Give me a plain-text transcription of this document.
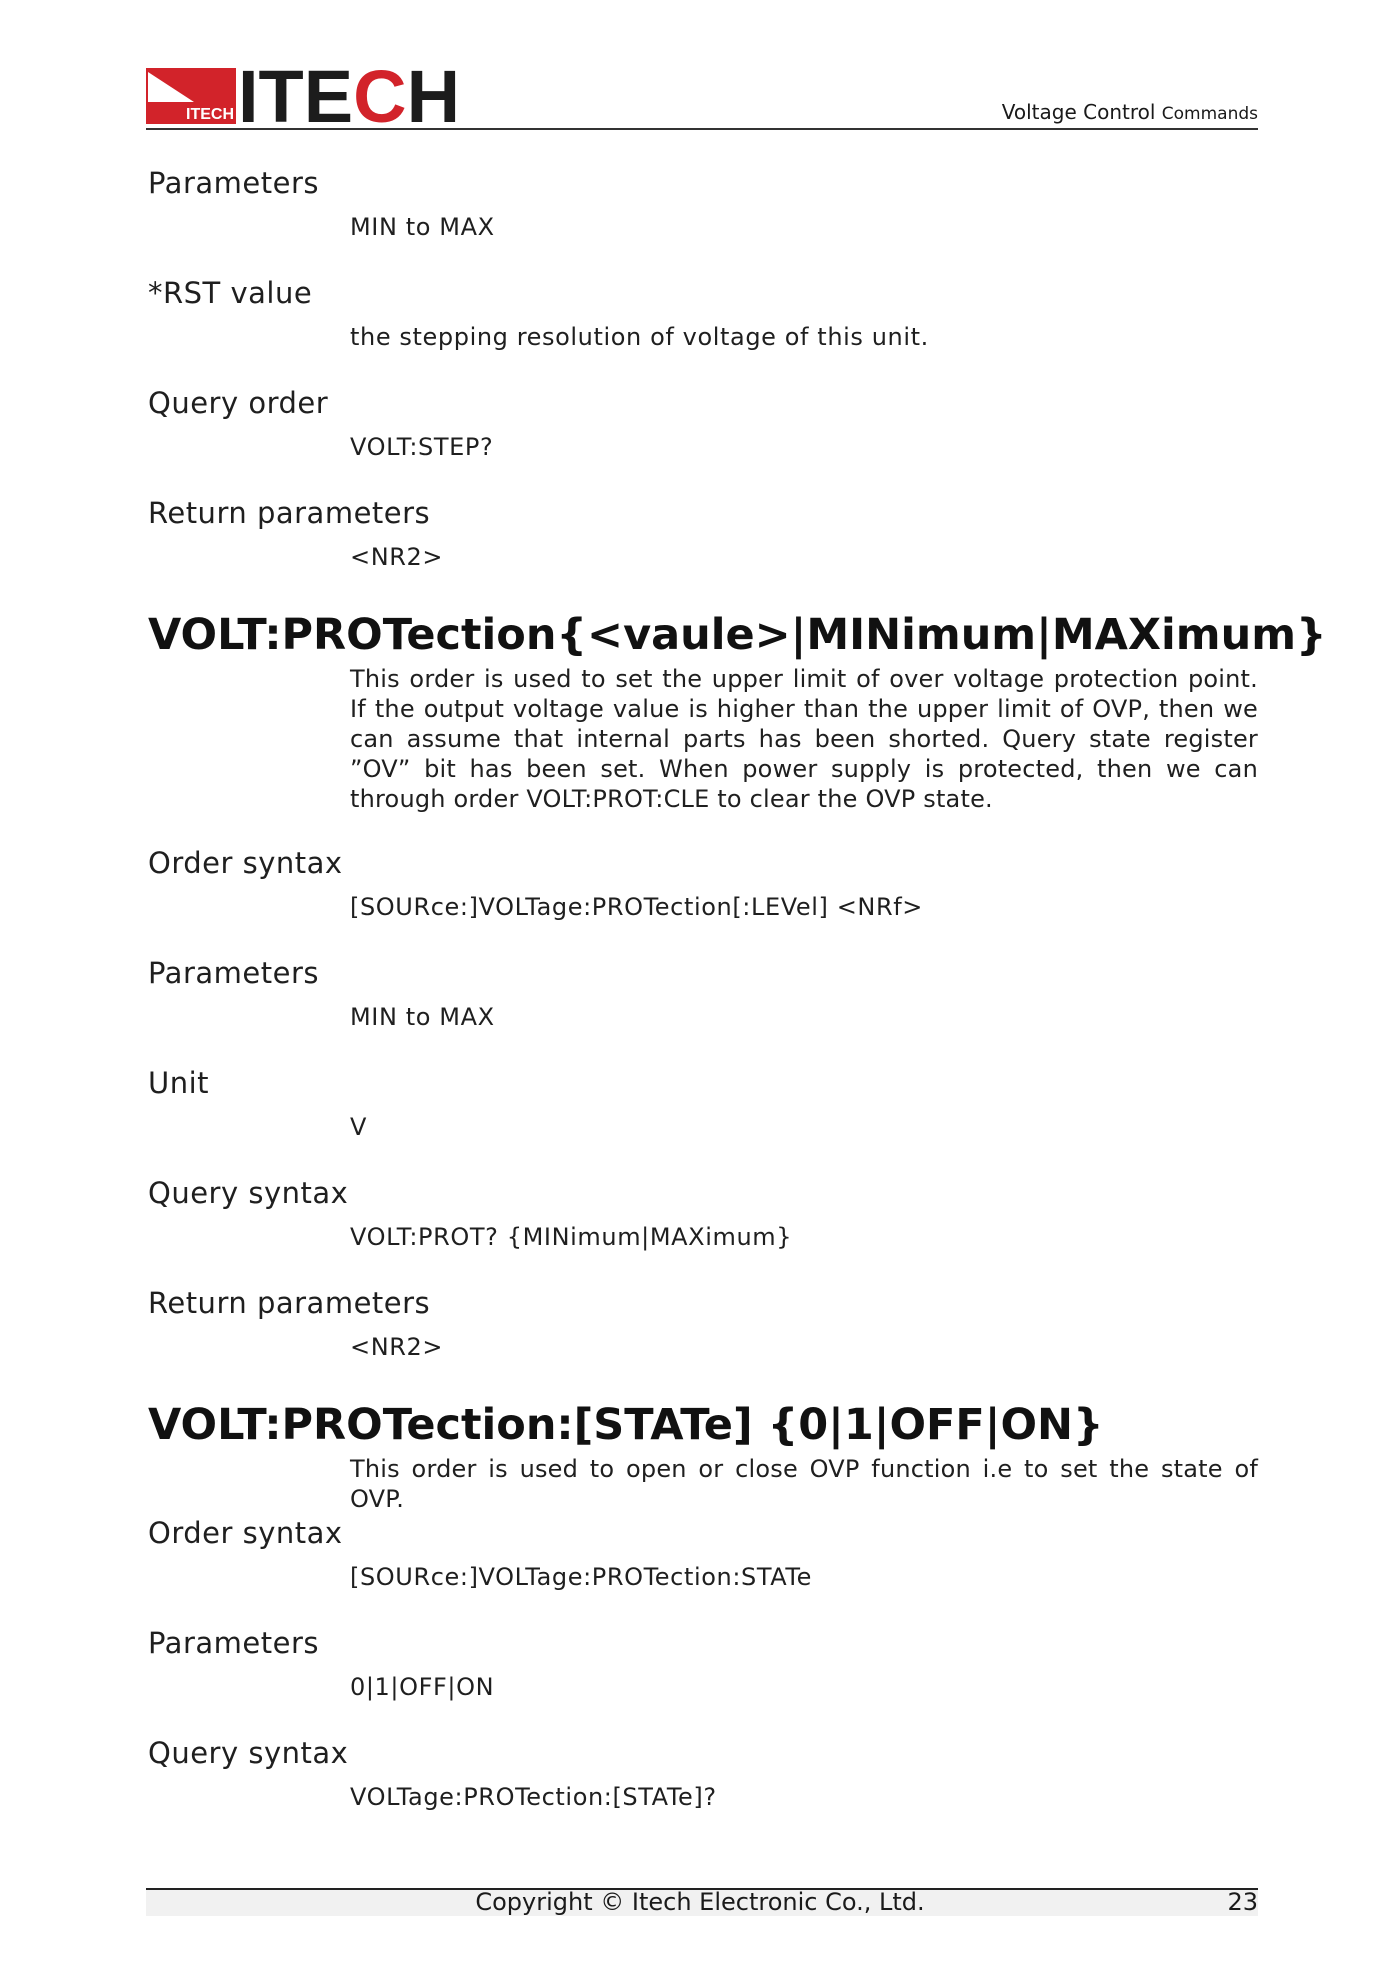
ITECH ITECH	Voltage Control Commands
Parameters
MIN to MAX
*RST value
the stepping resolution of voltage of this unit.
Query order
VOLT:STEP?
Return parameters
<NR2>
VOLT:PROTection{<vaule>|MINimum|MAXimum}
This order is used to set the upper limit of over voltage protection point. If the output voltage value is higher than the upper limit of OVP, then we can assume that internal parts has been shorted. Query state register ”OV” bit has been set. When power supply is protected, then we can through order VOLT:PROT:CLE to clear the OVP state.
Order syntax
[SOURce:]VOLTage:PROTection[:LEVel] <NRf>
Parameters
MIN to MAX
Unit
V
Query syntax
VOLT:PROT? {MINimum|MAXimum}
Return parameters
<NR2>
VOLT:PROTection:[STATe] {0|1|OFF|ON}
This order is used to open or close OVP function i.e to set the state of OVP.
Order syntax
[SOURce:]VOLTage:PROTection:STATe
Parameters
0|1|OFF|ON
Query syntax
VOLTage:PROTection:[STATe]?
Copyright © Itech Electronic Co., Ltd.	23
